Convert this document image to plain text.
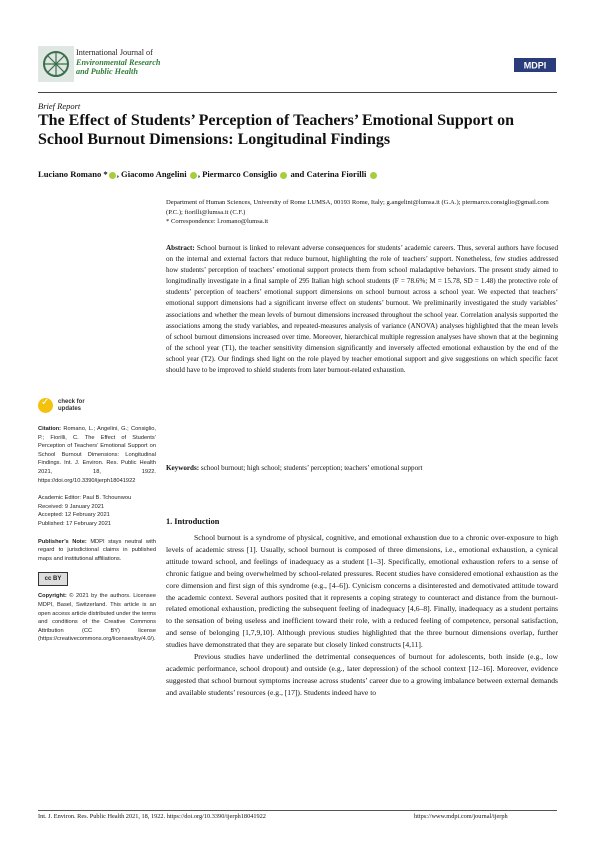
International Journal of
Environmental Research
and Public Health
MDPI
Brief Report
The Effect of Students’ Perception of Teachers’ Emotional Support on School Burnout Dimensions: Longitudinal Findings
Luciano Romano * , Giacomo Angelini , Piermarco Consiglio and Caterina Fiorilli
Department of Human Sciences, University of Rome LUMSA, 00193 Rome, Italy; g.angelini@lumsa.it (G.A.); piermarco.consiglio@gmail.com (P.C.); fiorilli@lumsa.it (C.F.)
* Correspondence: l.romano@lumsa.it
Abstract: School burnout is linked to relevant adverse consequences for students’ academic careers. Thus, several authors have focused on the internal and external factors that reduce burnout, highlighting the role of teachers’ support. Nonetheless, few studies addressed how students’ perception of teachers’ emotional support protects them from school maladaptive behaviors. The present study aimed to longitudinally investigate in a final sample of 295 Italian high school students (F = 78.6%; M = 15.78, SD = 1.48) the protective role of students’ perception of teachers’ emotional support dimensions on school burnout across a school year. We expected that teachers’ emotional support dimensions had a significant inverse effect on students’ burnout. We preliminarily investigated the study variables’ associations and whether the mean levels of burnout dimensions increased throughout the school year. Correlation analysis supported the associations among the study variables, and repeated-measures analysis of variance (ANOVA) analyses highlighted that the mean levels of school burnout dimensions increased over time. Moreover, hierarchical multiple regression analyses have shown that at the beginning of the school year (T1), the teacher sensitivity dimension significantly and inversely affected emotional exhaustion by the end of the school year (T2). Our findings shed light on the role played by teacher emotional support and give suggestions on which specific facet should have to be improved to shield students from later burnout-related exhaustion.
Keywords: school burnout; high school; students’ perception; teachers’ emotional support
✓
check for
updates
Citation: Romano, L.; Angelini, G.; Consiglio, P.; Fiorilli, C. The Effect of Students’ Perception of Teachers’ Emotional Support on School Burnout Dimensions: Longitudinal Findings. Int. J. Environ. Res. Public Health 2021, 18, 1922. https://doi.org/10.3390/ijerph18041922
Academic Editor: Paul B. Tchounwou
Received: 9 January 2021
Accepted: 12 February 2021
Published: 17 February 2021
Publisher’s Note: MDPI stays neutral with regard to jurisdictional claims in published maps and institutional affiliations.
cc BY
Copyright: © 2021 by the authors. Licensee MDPI, Basel, Switzerland. This article is an open access article distributed under the terms and conditions of the Creative Commons Attribution (CC BY) license (https://creativecommons.org/licenses/by/4.0/).
1. Introduction

School burnout is a syndrome of physical, cognitive, and emotional exhaustion due to a chronic over-exposure to high levels of academic stress [1]. Usually, school burnout is composed of three dimensions, i.e., emotional exhaustion, a cynical attitude toward school, and feelings of inadequacy as a student [1–3]. Specifically, emotional exhaustion refers to a sense of chronic fatigue and being overwhelmed by school-related pressures. Recent studies have considered emotional exhaustion as the core dimension and first sign of this syndrome (e.g., [4–6]). Cynicism concerns a disinterested and demotivated attitude toward the academic context. Several authors posited that it represents a coping strategy to counteract and distance from the burnout-related emotional exhaustion, predicting the subsequent feeling of inadequacy [4,6–8]. Finally, inadequacy as a student pertains to the sensation of being useless and inefficient toward their role, with a reduced feeling of competence, personal satisfaction, and sense of belonging [1,7,9,10]. Although previous studies highlighted that the three burnout dimensions overlap, further studies have demonstrated that they are separate but closely linked constructs [4,11].

Previous studies have underlined the detrimental consequences of burnout for adolescents, both inside (e.g., low academic performance, school dropout) and outside (e.g., later depression) of the school context [12–16]. Moreover, evidence suggested that school burnout symptoms increase across students’ career due to a growing imbalance between external demands and available students’ resources (e.g., [17]). Students indeed have to

Int. J. Environ. Res. Public Health 2021, 18, 1922. https://doi.org/10.3390/ijerph18041922	https://www.mdpi.com/journal/ijerph
